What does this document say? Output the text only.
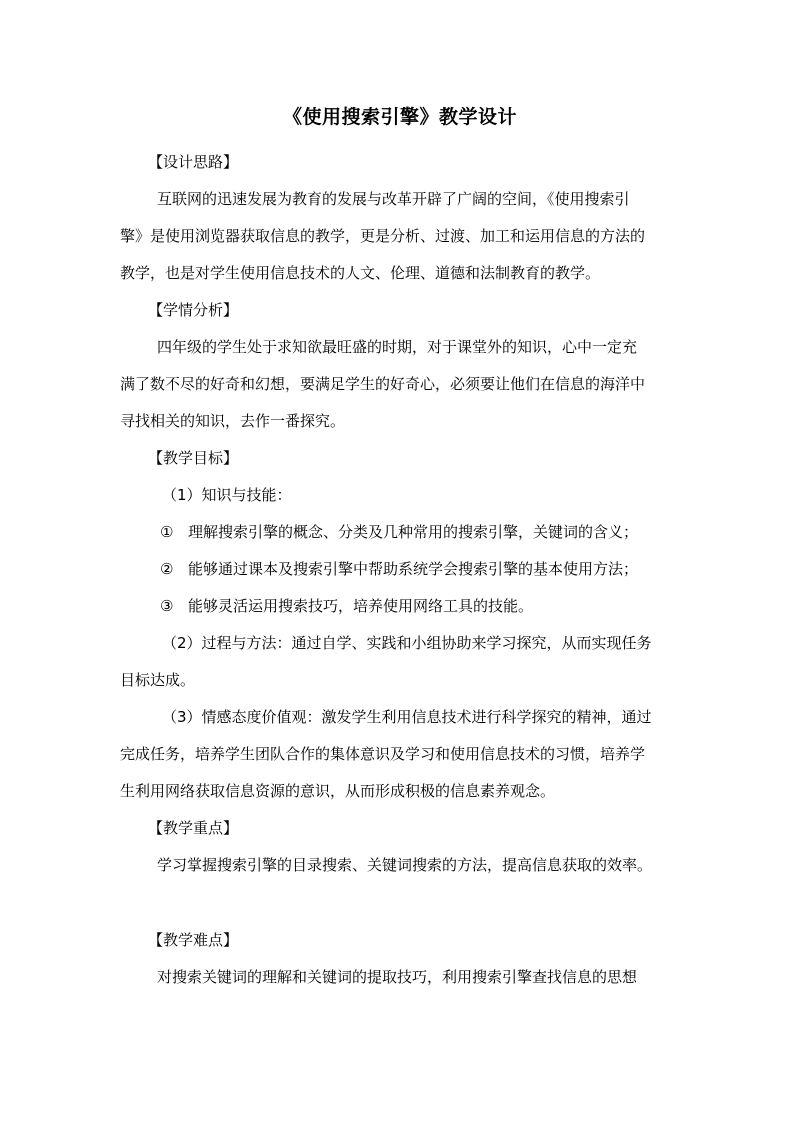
《使用搜索引擎》教学设计
【设计思路】
互联网的迅速发展为教育的发展与改革开辟了广阔的空间，《使用搜索引
擎》是使用浏览器获取信息的教学，更是分析、过渡、加工和运用信息的方法的
教学，也是对学生使用信息技术的人文、伦理、道德和法制教育的教学。
【学情分析】
四年级的学生处于求知欲最旺盛的时期，对于课堂外的知识，心中一定充
满了数不尽的好奇和幻想，要满足学生的好奇心，必须要让他们在信息的海洋中
寻找相关的知识，去作一番探究。
【教学目标】
（1）知识与技能：
① 理解搜索引擎的概念、分类及几种常用的搜索引擎，关键词的含义；
② 能够通过课本及搜索引擎中帮助系统学会搜索引擎的基本使用方法；
③ 能够灵活运用搜索技巧，培养使用网络工具的技能。
（2）过程与方法：通过自学、实践和小组协助来学习探究，从而实现任务
目标达成。
（3）情感态度价值观：激发学生利用信息技术进行科学探究的精神，通过
完成任务，培养学生团队合作的集体意识及学习和使用信息技术的习惯，培养学
生利用网络获取信息资源的意识，从而形成积极的信息素养观念。
【教学重点】
学习掌握搜索引擎的目录搜索、关键词搜索的方法，提高信息获取的效率。
【教学难点】
对搜索关键词的理解和关键词的提取技巧，利用搜索引擎查找信息的思想
